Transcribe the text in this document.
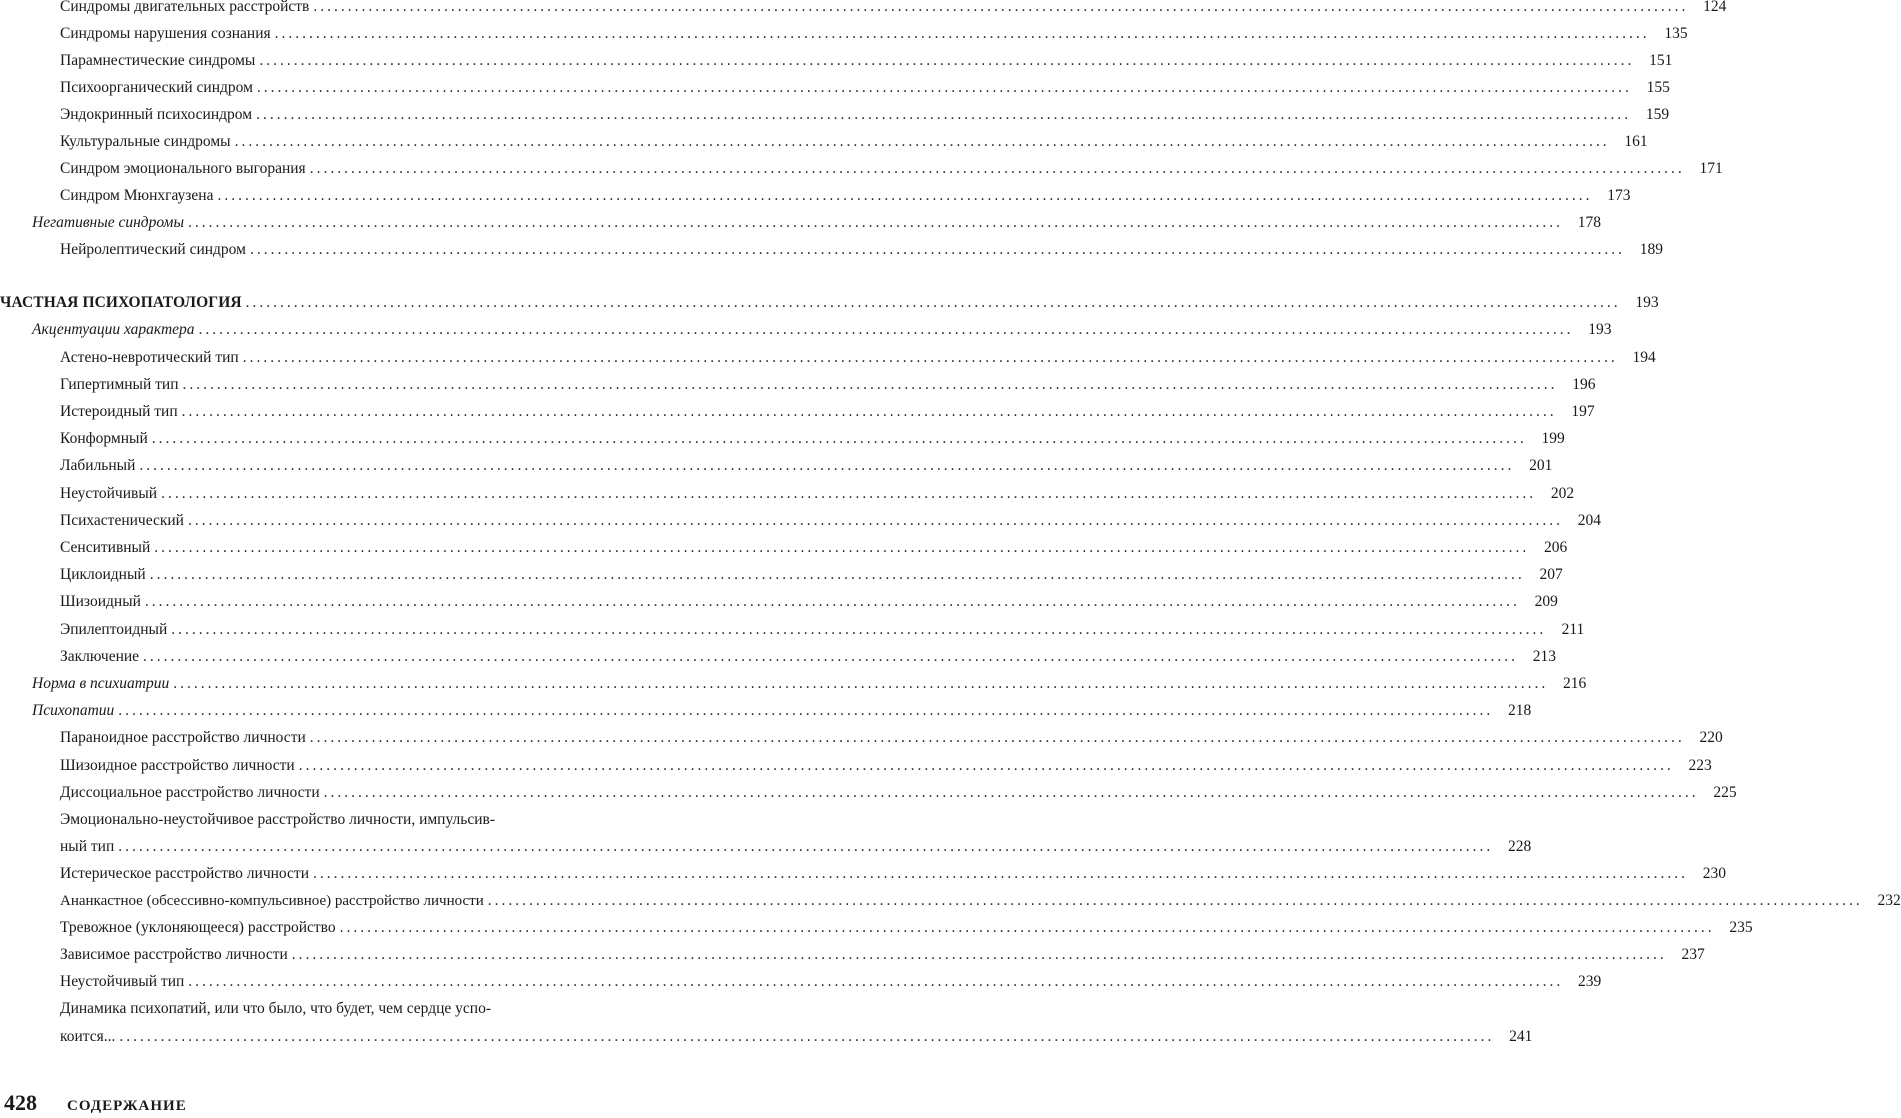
Синдромы двигательных расстройств ........................................................................................................................................................................................................ 124
Синдромы нарушения сознания ........................................................................................................................................................................................................ 135
Парамнестические синдромы ........................................................................................................................................................................................................ 151
Психоорганический синдром ........................................................................................................................................................................................................ 155
Эндокринный психосиндром ........................................................................................................................................................................................................ 159
Культуральные синдромы ........................................................................................................................................................................................................ 161
Синдром эмоционального выгорания ........................................................................................................................................................................................................ 171
Синдром Мюнхгаузена ........................................................................................................................................................................................................ 173
Негативные синдромы ........................................................................................................................................................................................................ 178
Нейролептический синдром ........................................................................................................................................................................................................ 189
ЧАСТНАЯ ПСИХОПАТОЛОГИЯ ........................................................................................................................................................................................................ 193
Акцентуации характера ........................................................................................................................................................................................................ 193
Астено-невротический тип ........................................................................................................................................................................................................ 194
Гипертимный тип ........................................................................................................................................................................................................ 196
Истероидный тип ........................................................................................................................................................................................................ 197
Конформный ........................................................................................................................................................................................................ 199
Лабильный ........................................................................................................................................................................................................ 201
Неустойчивый ........................................................................................................................................................................................................ 202
Психастенический ........................................................................................................................................................................................................ 204
Сенситивный ........................................................................................................................................................................................................ 206
Циклоидный ........................................................................................................................................................................................................ 207
Шизоидный ........................................................................................................................................................................................................ 209
Эпилептоидный ........................................................................................................................................................................................................ 211
Заключение ........................................................................................................................................................................................................ 213
Норма в психиатрии ........................................................................................................................................................................................................ 216
Психопатии ........................................................................................................................................................................................................ 218
Параноидное расстройство личности ........................................................................................................................................................................................................ 220
Шизоидное расстройство личности ........................................................................................................................................................................................................ 223
Диссоциальное расстройство личности ........................................................................................................................................................................................................ 225
Эмоционально-неустойчивое расстройство личности, импульсив-
ный тип ........................................................................................................................................................................................................ 228
Истерическое расстройство личности ........................................................................................................................................................................................................ 230
Ананкастное (обсессивно-компульсивное) расстройство личности ........................................................................................................................................................................................................ 232
Тревожное (уклоняющееся) расстройство ........................................................................................................................................................................................................ 235
Зависимое расстройство личности ........................................................................................................................................................................................................ 237
Неустойчивый тип ........................................................................................................................................................................................................ 239
Динамика психопатий, или что было, что будет, чем сердце успо-
коится... ........................................................................................................................................................................................................ 241
428 СОДЕРЖАНИЕ
